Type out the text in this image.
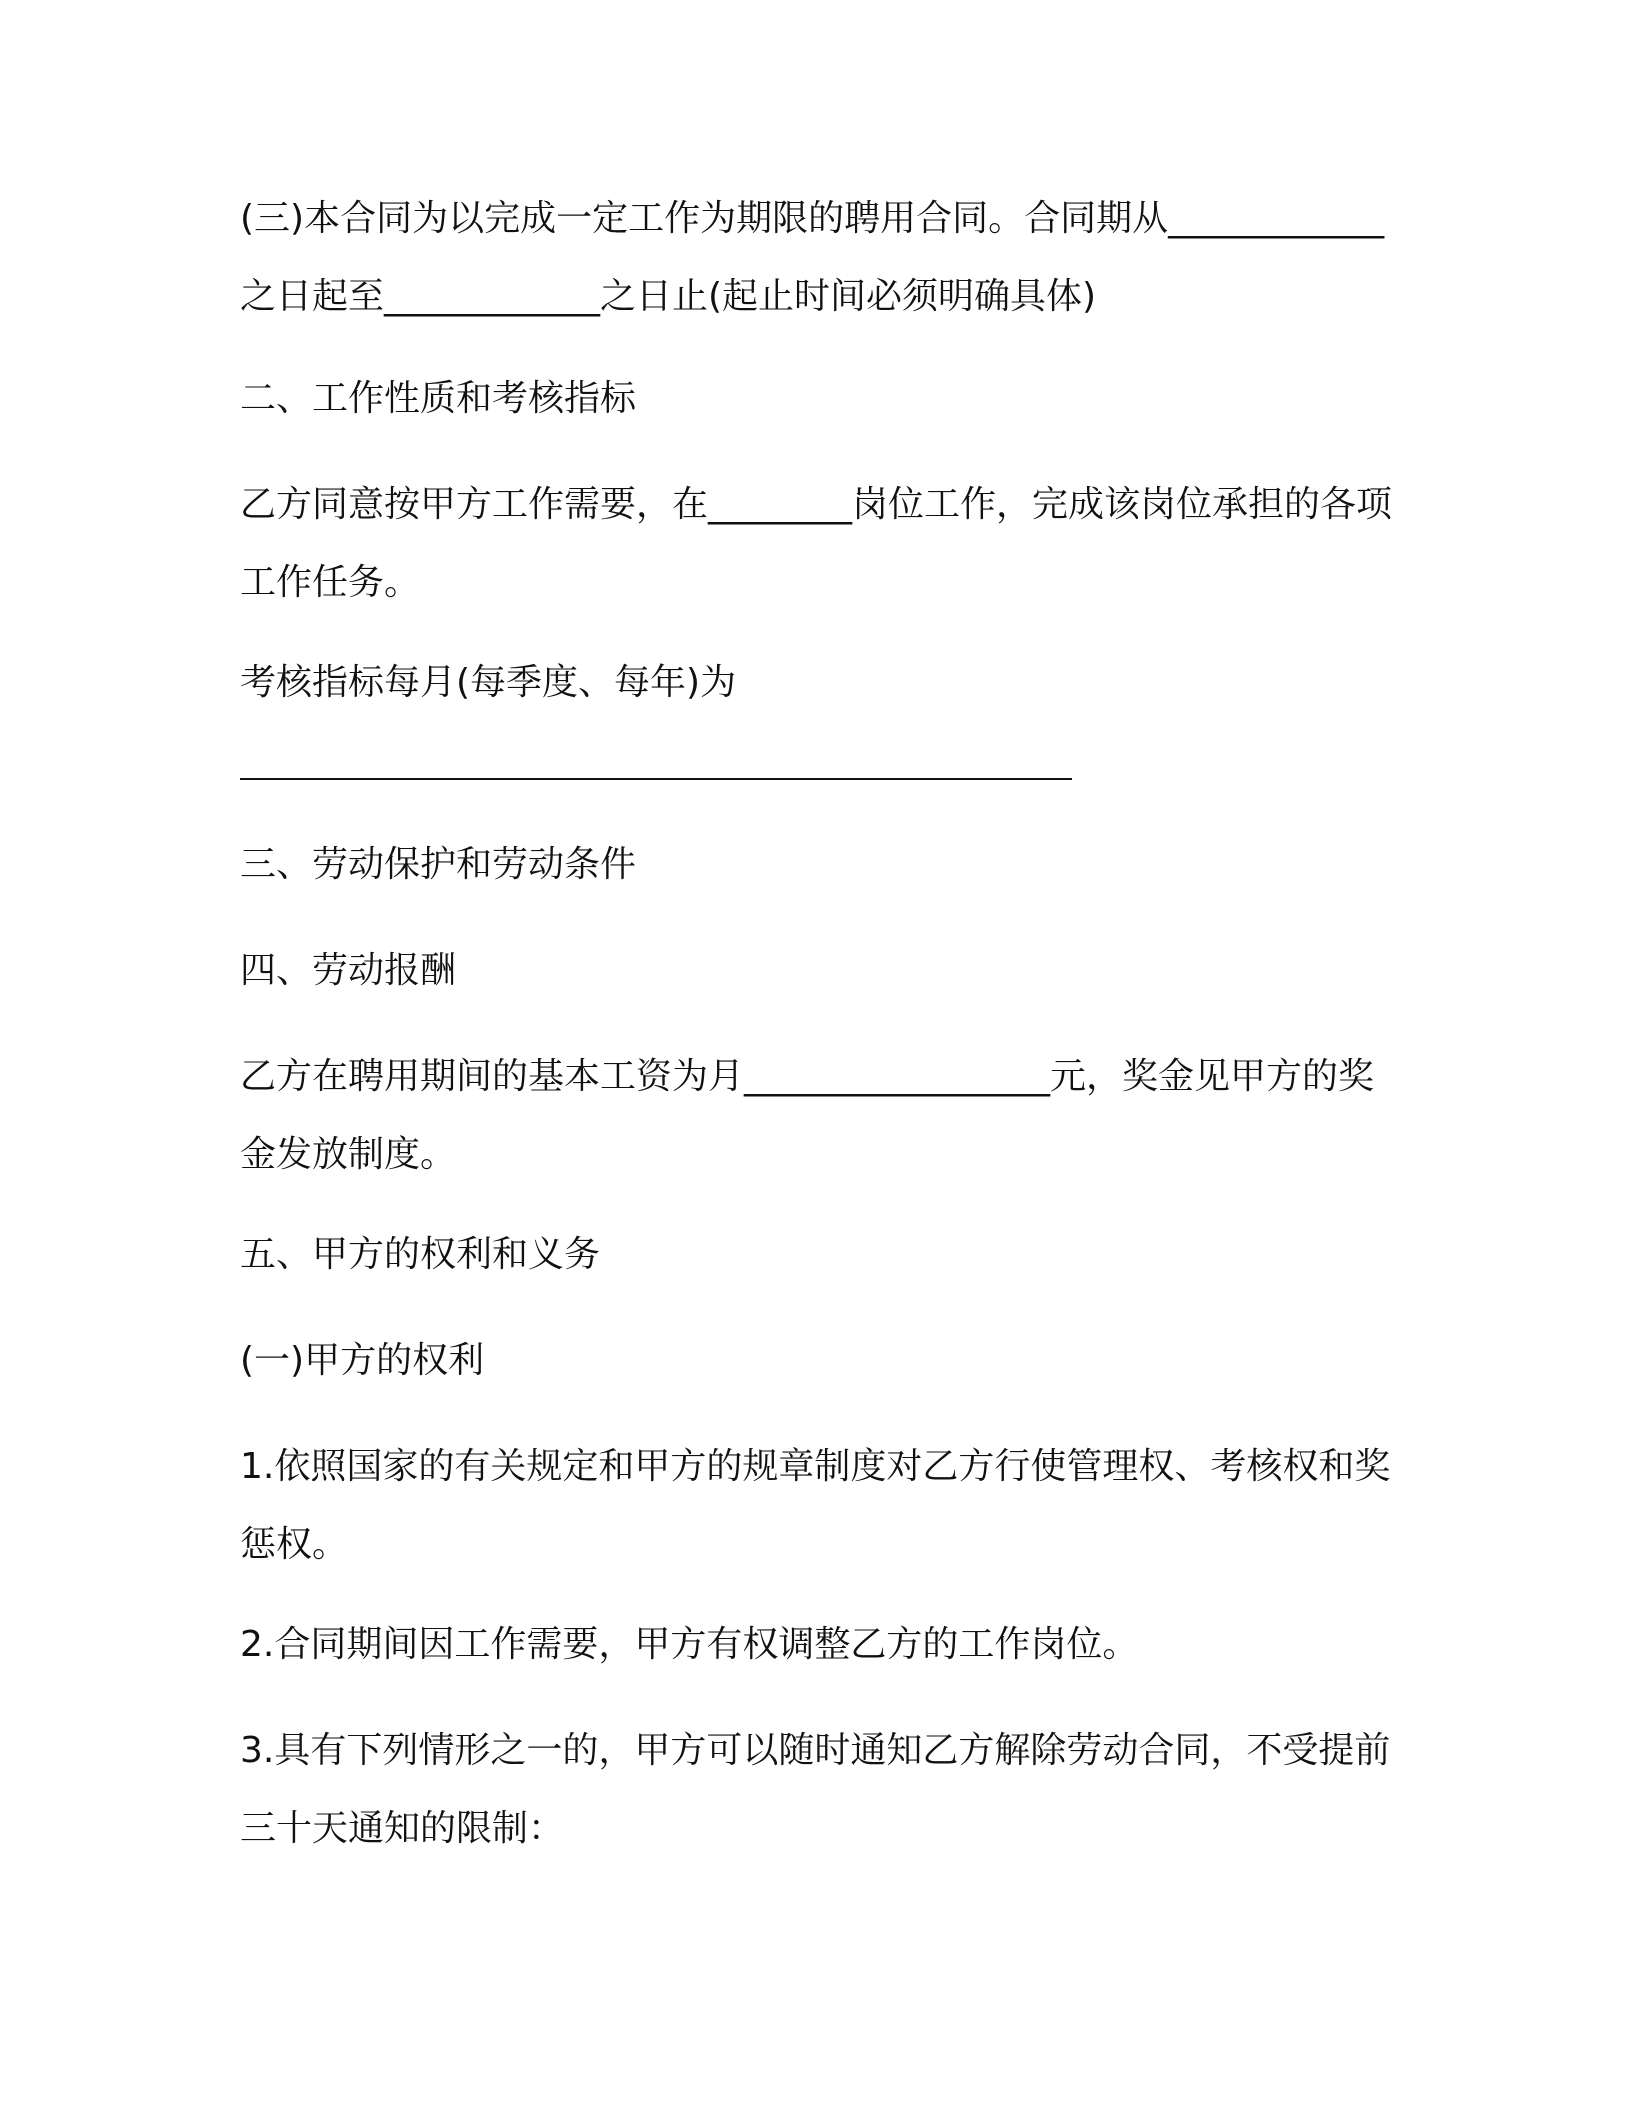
(三)本合同为以完成一定工作为期限的聘用合同。合同期从____________之日起至____________之日止(起止时间必须明确具体)

二、工作性质和考核指标

乙方同意按甲方工作需要，在________岗位工作，完成该岗位承担的各项工作任务。

考核指标每月(每季度、每年)为

三、劳动保护和劳动条件

四、劳动报酬

乙方在聘用期间的基本工资为月_________________元，奖金见甲方的奖金发放制度。

五、甲方的权利和义务

(一)甲方的权利

1.依照国家的有关规定和甲方的规章制度对乙方行使管理权、考核权和奖惩权。

2.合同期间因工作需要，甲方有权调整乙方的工作岗位。

3.具有下列情形之一的，甲方可以随时通知乙方解除劳动合同，不受提前三十天通知的限制：
